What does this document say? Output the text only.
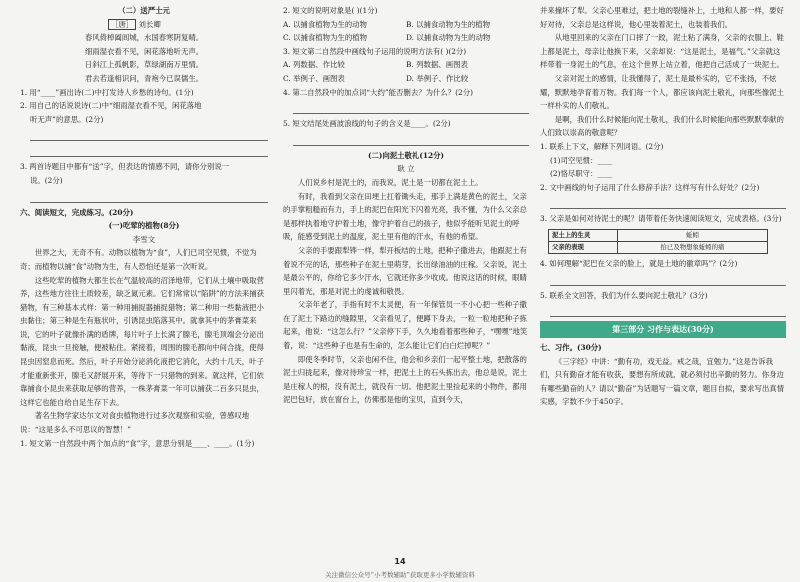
（二）送严士元

［唐］ 刘长卿

春风倚棹阖闾城，水国春寒阴复晴。

细雨湿衣看不见，闲花落地听无声。

日斜江上孤帆影，草绿湖南万里情。

君去若逢相识问，青袍今已误儒生。

1. 用“____”画出诗(二)中打发诗人乡愁的诗句。(1分)

2. 用自己的话说说诗(二)中“细雨湿衣看不见，闲花落地

听无声”的意思。(2分)

3. 两首诗题目中都有“送”字，但表达的情感不同，请你分别说一

说。(2分)

六、阅读短文，完成练习。(20分)

(一)吃荤的植物(8分)

李雪文

世界之大，无奇不有。动物以植物为“食”，人们已司空见惯，不觉为奇；而植物以捕“食”动物为生，有人恐怕还是第一次听说。

这些吃荤的植物大都生长在气温较高的沼泽地带，它们从土壤中吸取营养，这些地方往往土质较差，缺乏氮元素。它们常常以“陷阱”的方法来捕获猎物，有三种基本式样：第一种用捕捉器捕捉猎物；第二种用一些黏液把小虫黏住；第三种是生有瓶状叶，引诱昆虫陷落其中。就拿其中的茅膏菜来说，它的叶子就像扑满的盾牌，每片叶子上长满了腺毛，腺毛顶端会分泌出黏液，昆虫一旦接触，便被粘住。紧接着，周围的腺毛都向中间合拢，使得昆虫因窒息而死。然后，叶子开始分泌消化液把它消化，大约十几天，叶子才能重新张开，腺毛又舒展开来，等待下一只猎物的到来。就这样，它们依靠捕食小昆虫来获取足够的营养，一株茅膏菜一年可以捕获二百多只昆虫，这样它也能自给自足生存下去。

著名生物学家达尔文对食虫植物进行过多次观察和实验，曾感叹地说：“这是多么不可思议的智慧！”

1. 短文第一自然段中两个加点的“食”字，意思分别是____、____。(1分)

2. 短文的说明对象是( )(1分)

A. 以捕食植物为生的动物	B. 以捕食动物为生的植物
C. 以捕食植物为生的植物	D. 以捕食动物为生的动物

3. 短文第二自然段中画线句子运用的说明方法有( )(2分)

A. 列数据、作比较	B. 列数据、画图表
C. 举例子、画图表	D. 举例子、作比较

4. 第二自然段中的加点词“大约”能否删去？为什么？(2分)

5. 短文结尾处画波浪线的句子的含义是____。(2分)

(二)向泥土敬礼(12分)

耿 立

人们说乡村是泥土的，而我说，泥土是一切都在泥土上。

有时，我看到父亲在田埂上扛着锄头走，那手上满是黄色的泥土，父亲的手掌粗糙而有力，手上的泥巴在阳光下闪着光亮，我不懂，为什么父亲总是那样执着地守护着土地，像守护着自己的孩子，他似乎能听见泥土的呼吸，能感受到泥土的温度，泥土里有他的汗水，有他的希望。

父亲的手要跟犁铧一样，犁开板结的土地，把种子撒进去，他跟泥土有着说不完的话，那些种子在泥土里萌芽，长出绿油油的庄稼。父亲说，泥土是最公平的，你给它多少汗水，它就还你多少收成。他说这话的时候，眼睛里闪着光，那是对泥土的虔诚和敬畏。

父亲年老了，手指有时不太灵便，有一年保管员一不小心把一些种子撒在了泥土下路边的缝隙里，父亲看见了，便蹲下身去，一粒一粒地把种子拣起来，他说：“这怎么行？”父亲停下手，久久地看着那些种子，“嘿嘿”地笑着，说：“这些种子也是有生命的，怎么能让它们白白烂掉呢？”

即使冬季时节，父亲也闲不住，他会和乡亲们一起平整土地，把散落的泥土归拢起来，像对待珍宝一样，把泥土上的石头拣出去，他总是说，泥土是庄稼人的根，没有泥土，就没有一切。他把泥土里捡起来的小物件，都用泥巴包好，放在窗台上，仿佛那是他的宝贝，直到今天，

并来撞坏了犁。父亲心里难过，把土地的裂缝补上，土地和人都一样，要好好对待，父亲总是这样说，他心里装着泥土，也装着我们。

从地里回来的父亲在门口摔了一跤，泥土粘了满身，父亲的衣服上、鞋上都是泥土，母亲让他换下来，父亲却说：“这是泥土，是福气。”父亲就这样带着一身泥土的气息，在这个世界上站立着，他把自己活成了一块泥土。

父亲对泥土的感情，让我懂得了，泥土是最朴实的，它不张扬，不炫耀，默默地孕育着万物。我们每一个人，都应该向泥土敬礼，向那些像泥土一样朴实的人们敬礼。

是啊，我们什么时候能向泥土敬礼，我们什么时候能向那些默默奉献的人们致以崇高的敬意呢？

1. 联系上下文，解释下列词语。(2分)

(1)司空见惯：____

(2)恪尽职守：____

2. 文中画线的句子运用了什么修辞手法？这样写有什么好处？(2分)

3. 父亲是如何对待泥土的呢？请带着任务快速阅读短文，完成表格。(3分)

泥土上的生灵	蚯蚓
父亲的表现	拾已及物想象蚯蚓的痛

4. 如何理解“泥巴在父亲的脸上，就是土地的徽章吗”？(2分)

5. 联系全文回答，我们为什么要向泥土敬礼？(3分)

第三部分 习作与表达(30分)

七、习作。(30分)

《三字经》中讲：“勤有功，戏无益。戒之哉，宜勉力。”这是告诉我们，只有勤奋才能有收获，要想有所成就，就必须付出辛勤的努力。你身边有哪些勤奋的人？请以“勤奋”为话题写一篇文章，题目自拟，要求写出真情实感，字数不少于450字。

14
关注微信公众号“小考数辅助”获取更多小学数辅资料
